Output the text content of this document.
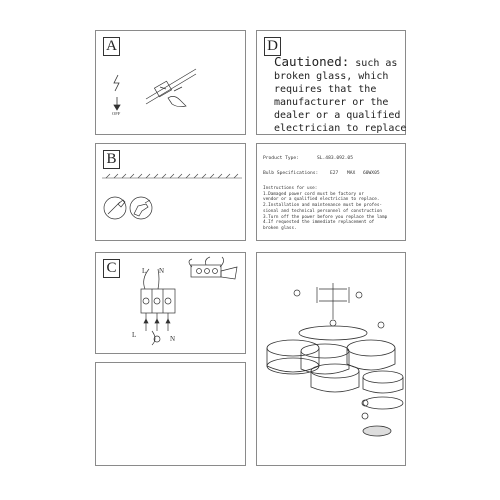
A
OFF
D
Cautioned: such as broken glass, which requires that the manufacturer or the dealer or a qualified electrician to replace
B	Product Type:	SL.483.092.05
Bulb Specifications:	E27 MAX 60WX05
Instructions for use:
1.Damaged power cord must be factory or
vendor or a qualified electrician to replace.
2.Installation and maintenance must be profes-
sional and technical personnel of construction
3.Turn off the power before you replace the lamp
4.If requested the immediate replacement of
broken glass.
C	L N
L	N
